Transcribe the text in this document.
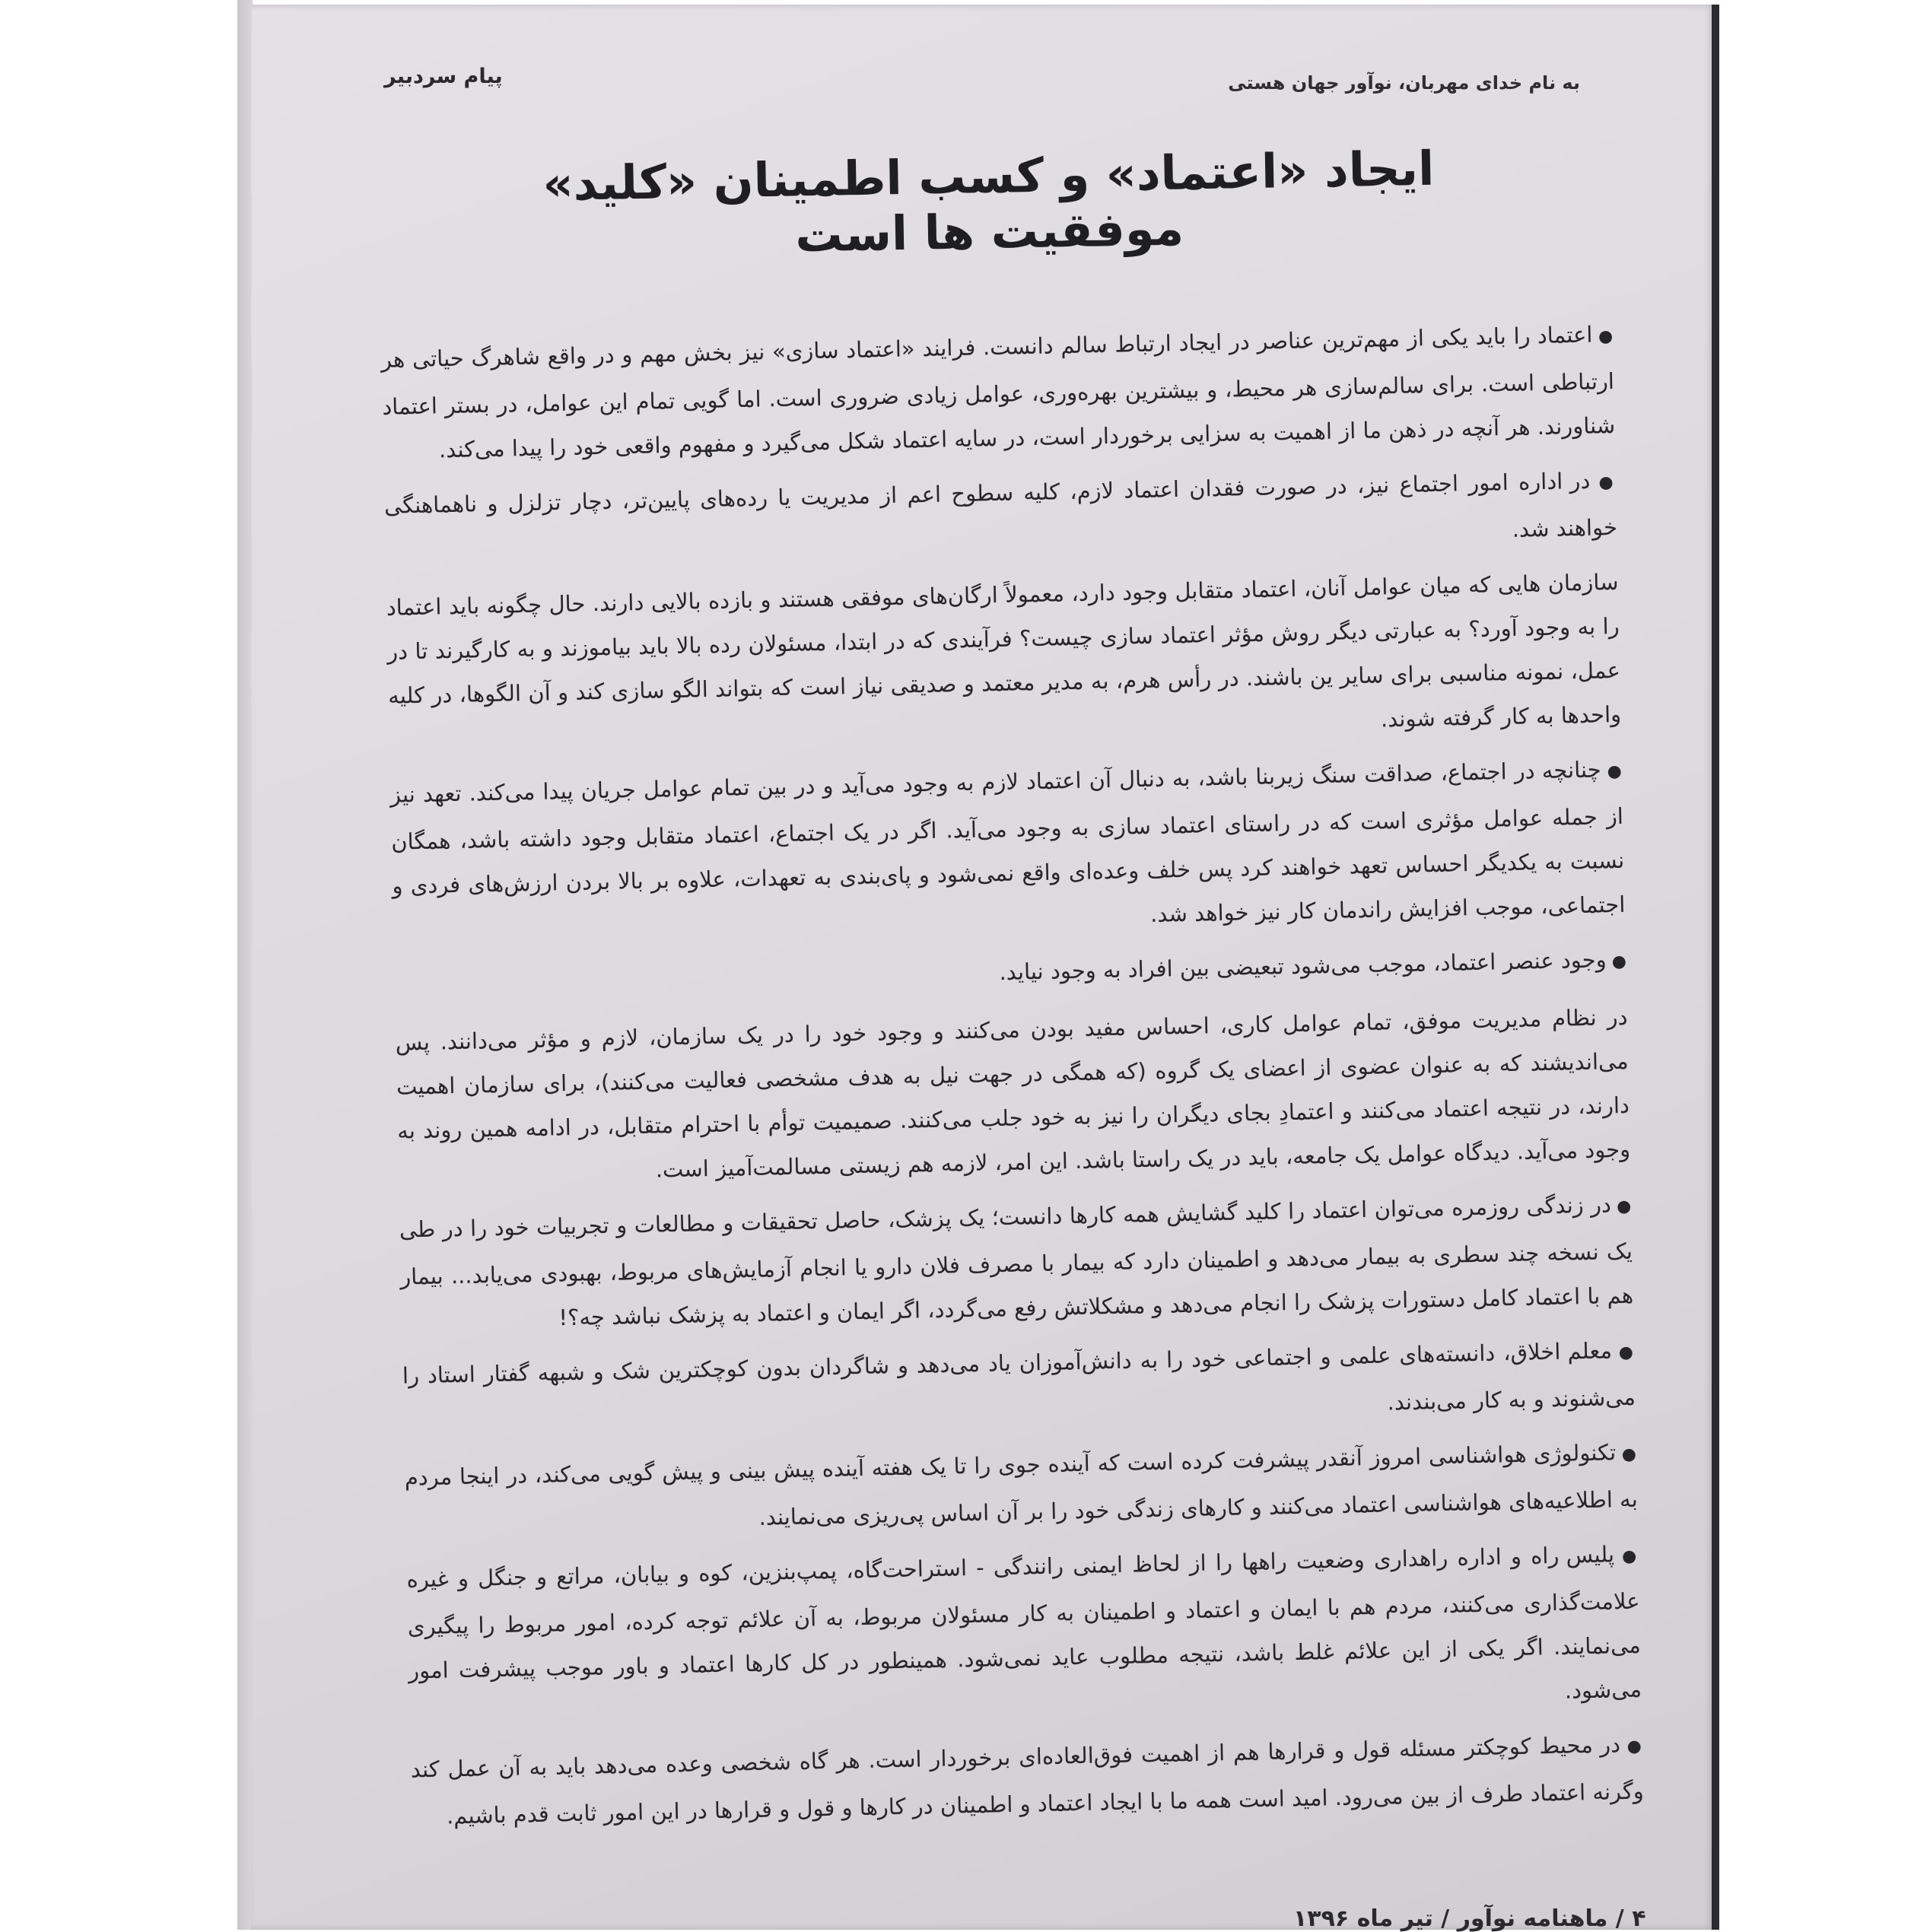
به نام خدای مهربان، نوآور جهان هستی
پیام سردبیر
ایجاد «اعتماد» و کسب اطمینان «کلید» موفقیت ها است

● اعتماد را باید یکی از مهم‌ترین عناصر در ایجاد ارتباط سالم دانست. فرایند «اعتماد سازی» نیز بخش مهم و در واقع شاهرگ حیاتی هر ارتباطی است. برای سالم‌سازی هر محیط، و بیشترین بهره‌وری، عوامل زیادی ضروری است. اما گویی تمام این عوامل، در بستر اعتماد شناورند. هر آنچه در ذهن ما از اهمیت به سزایی برخوردار است، در سایه اعتماد شکل می‌گیرد و مفهوم واقعی خود را پیدا می‌کند.

● در اداره امور اجتماع نیز، در صورت فقدان اعتماد لازم، کلیه سطوح اعم از مدیریت یا رده‌های پایین‌تر، دچار تزلزل و ناهماهنگی خواهند شد.

سازمان هایی که میان عوامل آنان، اعتماد متقابل وجود دارد، معمولاً ارگان‌های موفقی هستند و بازده بالایی دارند. حال چگونه باید اعتماد را به وجود آورد؟ به عبارتی دیگر روش مؤثر اعتماد سازی چیست؟ فرآیندی که در ابتدا، مسئولان رده بالا باید بیاموزند و به کارگیرند تا در عمل، نمونه مناسبی برای سایر ین باشند. در رأس هرم، به مدیر معتمد و صدیقی نیاز است که بتواند الگو سازی کند و آن الگوها، در کلیه واحدها به کار گرفته شوند.

● چنانچه در اجتماع، صداقت سنگ زیربنا باشد، به دنبال آن اعتماد لازم به وجود می‌آید و در بین تمام عوامل جریان پیدا می‌کند. تعهد نیز از جمله عوامل مؤثری است که در راستای اعتماد سازی به وجود می‌آید. اگر در یک اجتماع، اعتماد متقابل وجود داشته باشد، همگان نسبت به یکدیگر احساس تعهد خواهند کرد پس خلف وعده‌ای واقع نمی‌شود و پای‌بندی به تعهدات، علاوه بر بالا بردن ارزش‌های فردی و اجتماعی، موجب افزایش راندمان کار نیز خواهد شد.

● وجود عنصر اعتماد، موجب می‌شود تبعیضی بین افراد به وجود نیاید.

در نظام مدیریت موفق، تمام عوامل کاری، احساس مفید بودن می‌کنند و وجود خود را در یک سازمان، لازم و مؤثر می‌دانند. پس می‌اندیشند که به عنوان عضوی از اعضای یک گروه (که همگی در جهت نیل به هدف مشخصی فعالیت می‌کنند)، برای سازمان اهمیت دارند، در نتیجه اعتماد می‌کنند و اعتمادِ بجای دیگران را نیز به خود جلب می‌کنند. صمیمیت توأم با احترام متقابل، در ادامه همین روند به وجود می‌آید. دیدگاه عوامل یک جامعه، باید در یک راستا باشد. این امر، لازمه هم زیستی مسالمت‌آمیز است.

● در زندگی روزمره می‌توان اعتماد را کلید گشایش همه کارها دانست؛ یک پزشک، حاصل تحقیقات و مطالعات و تجربیات خود را در طی یک نسخه چند سطری به بیمار می‌دهد و اطمینان دارد که بیمار با مصرف فلان دارو یا انجام آزمایش‌های مربوط، بهبودی می‌یابد... بیمار هم با اعتماد کامل دستورات پزشک را انجام می‌دهد و مشکلاتش رفع می‌گردد، اگر ایمان و اعتماد به پزشک نباشد چه؟!

● معلم اخلاق، دانسته‌های علمی و اجتماعی خود را به دانش‌آموزان یاد می‌دهد و شاگردان بدون کوچکترین شک و شبهه گفتار استاد را می‌شنوند و به کار می‌بندند.

● تکنولوژی هواشناسی امروز آنقدر پیشرفت کرده است که آینده جوی را تا یک هفته آینده پیش بینی و پیش گویی می‌کند، در اینجا مردم به اطلاعیه‌های هواشناسی اعتماد می‌کنند و کارهای زندگی خود را بر آن اساس پی‌ریزی می‌نمایند.

● پلیس راه و اداره راهداری وضعیت راهها را از لحاظ ایمنی رانندگی - استراحت‌گاه، پمپ‌بنزین، کوه و بیابان، مراتع و جنگل و غیره علامت‌گذاری می‌کنند، مردم هم با ایمان و اعتماد و اطمینان به کار مسئولان مربوط، به آن علائم توجه کرده، امور مربوط را پیگیری می‌نمایند. اگر یکی از این علائم غلط باشد، نتیجه مطلوب عاید نمی‌شود. همینطور در کل کارها اعتماد و باور موجب پیشرفت امور می‌شود.

● در محیط کوچکتر مسئله قول و قرارها هم از اهمیت فوق‌العاده‌ای برخوردار است. هر گاه شخصی وعده می‌دهد باید به آن عمل کند وگرنه اعتماد طرف از بین می‌رود. امید است همه ما با ایجاد اعتماد و اطمینان در کارها و قول و قرارها در این امور ثابت قدم باشیم.

۴ / ماهنامه نوآور / تیر ماه ۱۳۹۶
